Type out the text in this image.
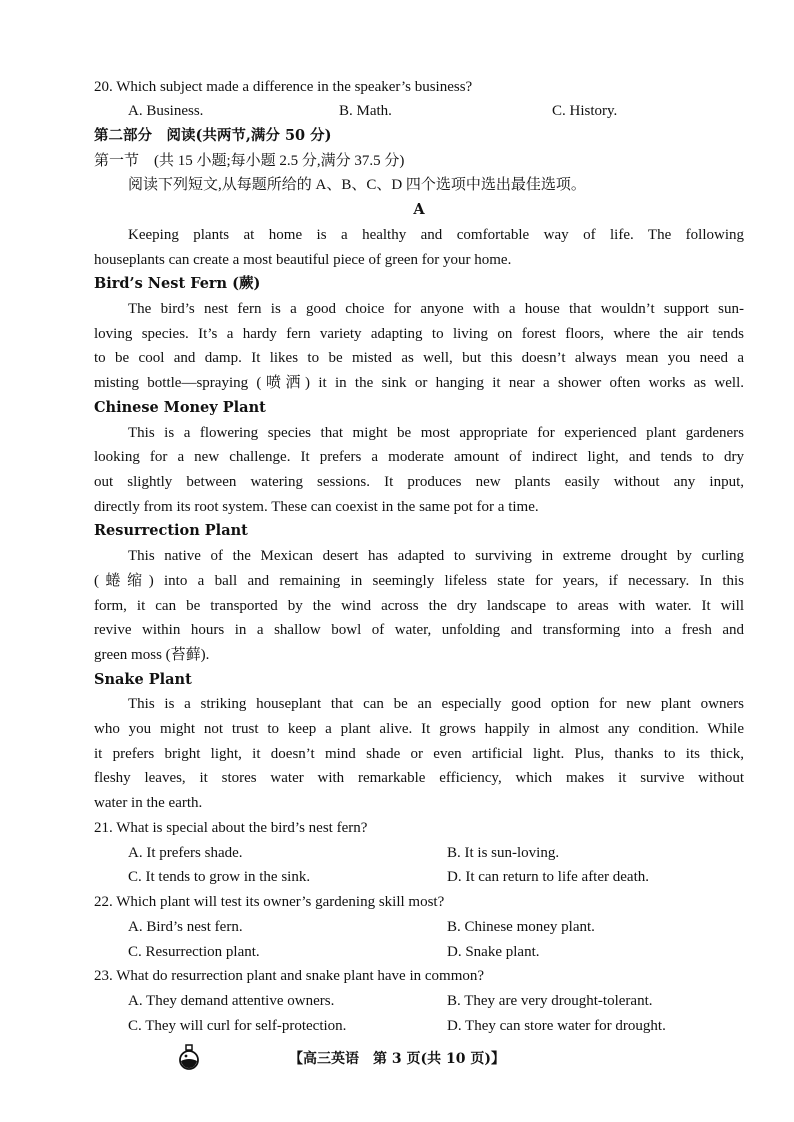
20. Which subject made a difference in the speaker’s business?
A. Business.	B. Math.	C. History.
第二部分　阅读(共两节,满分 50 分)
第一节　(共 15 小题;每小题 2.5 分,满分 37.5 分)
阅读下列短文,从每题所给的 A、B、C、D 四个选项中选出最佳选项。
A
Keeping plants at home is a healthy and comfortable way of life. The following
houseplants can create a most beautiful piece of green for your home.
Bird’s Nest Fern (蕨)
The bird’s nest fern is a good choice for anyone with a house that wouldn’t support sun-
loving species. It’s a hardy fern variety adapting to living on forest floors, where the air tends
to be cool and damp. It likes to be misted as well, but this doesn’t always mean you need a
misting bottle—spraying (喷洒) it in the sink or hanging it near a shower often works as well.
Chinese Money Plant
This is a flowering species that might be most appropriate for experienced plant gardeners
looking for a new challenge. It prefers a moderate amount of indirect light, and tends to dry
out slightly between watering sessions. It produces new plants easily without any input,
directly from its root system. These can coexist in the same pot for a time.
Resurrection Plant
This native of the Mexican desert has adapted to surviving in extreme drought by curling
(蜷缩) into a ball and remaining in seemingly lifeless state for years, if necessary. In this
form, it can be transported by the wind across the dry landscape to areas with water. It will
revive within hours in a shallow bowl of water, unfolding and transforming into a fresh and
green moss (苔藓).
Snake Plant
This is a striking houseplant that can be an especially good option for new plant owners
who you might not trust to keep a plant alive. It grows happily in almost any condition. While
it prefers bright light, it doesn’t mind shade or even artificial light. Plus, thanks to its thick,
fleshy leaves, it stores water with remarkable efficiency, which makes it survive without
water in the earth.
21. What is special about the bird’s nest fern?
A. It prefers shade.	B. It is sun-loving.
C. It tends to grow in the sink.	D. It can return to life after death.
22. Which plant will test its owner’s gardening skill most?
A. Bird’s nest fern.	B. Chinese money plant.
C. Resurrection plant.	D. Snake plant.
23. What do resurrection plant and snake plant have in common?
A. They demand attentive owners.	B. They are very drought-tolerant.
C. They will curl for self-protection.	D. They can store water for drought.
【高三英语　第 3 页(共 10 页)】
